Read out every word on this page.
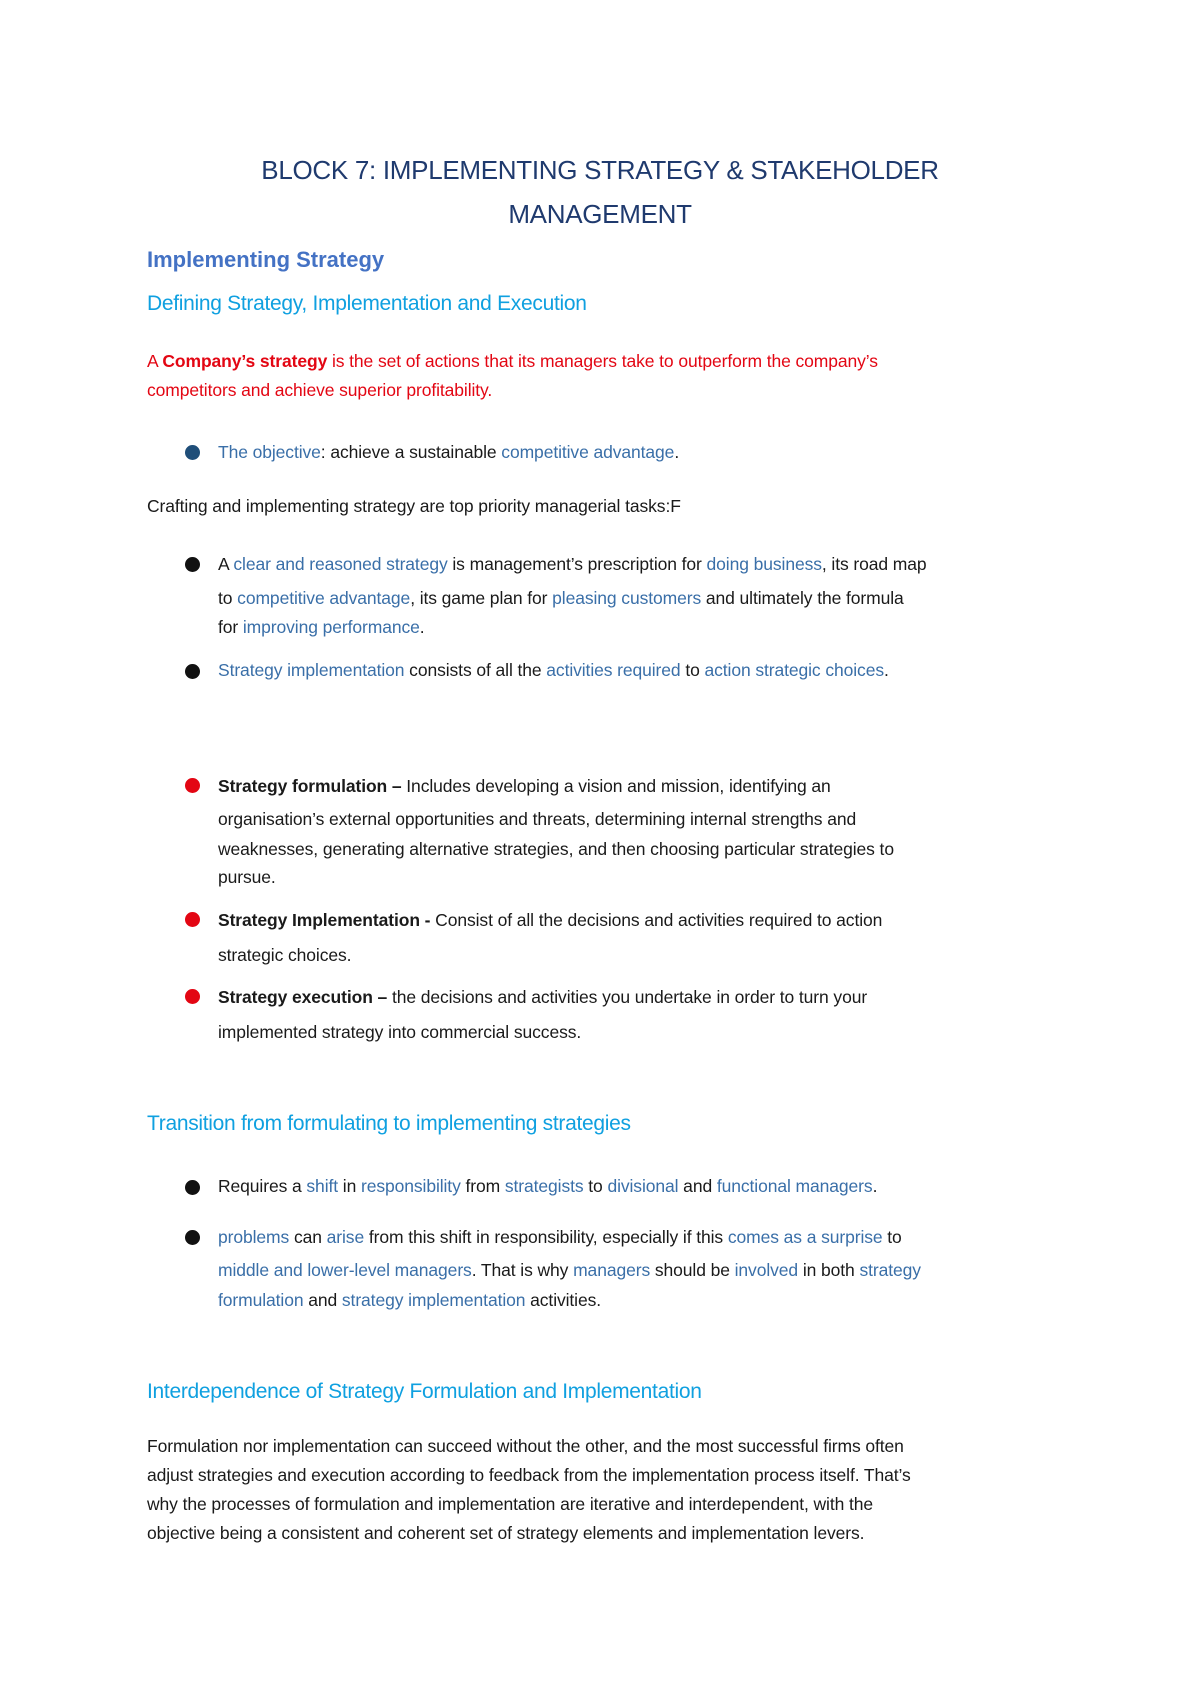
BLOCK 7: IMPLEMENTING STRATEGY & STAKEHOLDER
MANAGEMENT
Implementing Strategy
Defining Strategy, Implementation and Execution
A Company’s strategy is the set of actions that its managers take to outperform the company’s
competitors and achieve superior profitability.
The objective: achieve a sustainable competitive advantage.
Crafting and implementing strategy are top priority managerial tasks:F
A clear and reasoned strategy is management’s prescription for doing business, its road map
to competitive advantage, its game plan for pleasing customers and ultimately the formula
for improving performance.
Strategy implementation consists of all the activities required to action strategic choices.
Strategy formulation – Includes developing a vision and mission, identifying an
organisation’s external opportunities and threats, determining internal strengths and
weaknesses, generating alternative strategies, and then choosing particular strategies to
pursue.
Strategy Implementation - Consist of all the decisions and activities required to action
strategic choices.
Strategy execution – the decisions and activities you undertake in order to turn your
implemented strategy into commercial success.
Transition from formulating to implementing strategies
Requires a shift in responsibility from strategists to divisional and functional managers.
problems can arise from this shift in responsibility, especially if this comes as a surprise to
middle and lower-level managers. That is why managers should be involved in both strategy
formulation and strategy implementation activities.
Interdependence of Strategy Formulation and Implementation
Formulation nor implementation can succeed without the other, and the most successful firms often
adjust strategies and execution according to feedback from the implementation process itself. That’s
why the processes of formulation and implementation are iterative and interdependent, with the
objective being a consistent and coherent set of strategy elements and implementation levers.
